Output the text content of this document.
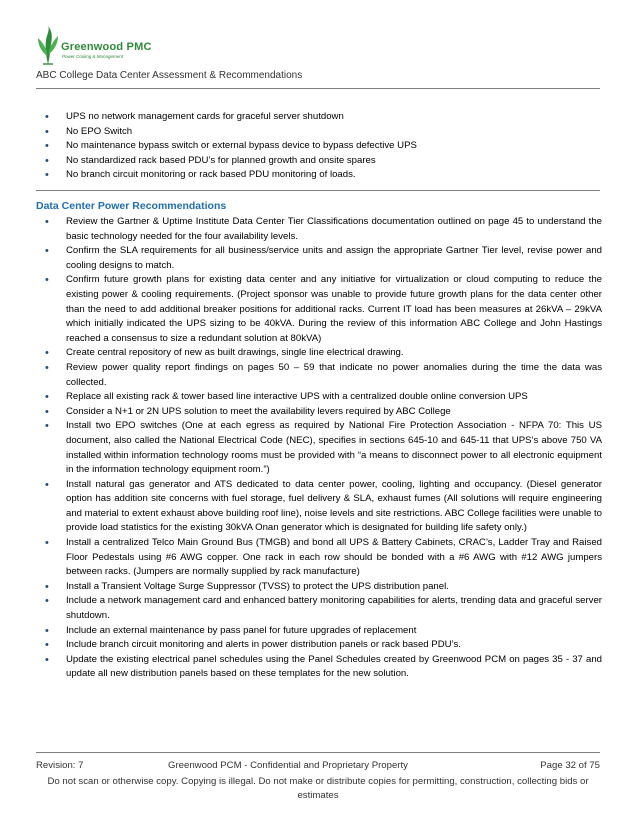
Greenwood PMC
Power Cooling & Management
ABC College Data Center Assessment & Recommendations
• UPS no network management cards for graceful server shutdown
• No EPO Switch
• No maintenance bypass switch or external bypass device to bypass defective UPS
• No standardized rack based PDU’s for planned growth and onsite spares
• No branch circuit monitoring or rack based PDU monitoring of loads.
Data Center Power Recommendations
• Review the Gartner & Uptime Institute Data Center Tier Classifications documentation outlined on page 45 to understand the basic technology needed for the four availability levels.
• Confirm the SLA requirements for all business/service units and assign the appropriate Gartner Tier level, revise power and cooling designs to match.
• Confirm future growth plans for existing data center and any initiative for virtualization or cloud computing to reduce the existing power & cooling requirements. (Project sponsor was unable to provide future growth plans for the data center other than the need to add additional breaker positions for additional racks. Current IT load has been measures at 26kVA – 29kVA which initially indicated the UPS sizing to be 40kVA. During the review of this information ABC College and John Hastings reached a consensus to size a redundant solution at 80kVA)
• Create central repository of new as built drawings, single line electrical drawing.
• Review power quality report findings on pages 50 – 59 that indicate no power anomalies during the time the data was collected.
• Replace all existing rack & tower based line interactive UPS with a centralized double online conversion UPS
• Consider a N+1 or 2N UPS solution to meet the availability levers required by ABC College
• Install two EPO switches (One at each egress as required by National Fire Protection Association - NFPA 70: This US document, also called the National Electrical Code (NEC), specifies in sections 645-10 and 645-11 that UPS’s above 750 VA installed within information technology rooms must be provided with “a means to disconnect power to all electronic equipment in the information technology equipment room.”)
• Install natural gas generator and ATS dedicated to data center power, cooling, lighting and occupancy. (Diesel generator option has addition site concerns with fuel storage, fuel delivery & SLA, exhaust fumes (All solutions will require engineering and material to extent exhaust above building roof line), noise levels and site restrictions. ABC College facilities were unable to provide load statistics for the existing 30kVA Onan generator which is designated for building life safety only.)
• Install a centralized Telco Main Ground Bus (TMGB) and bond all UPS & Battery Cabinets, CRAC’s, Ladder Tray and Raised Floor Pedestals using #6 AWG copper. One rack in each row should be bonded with a #6 AWG with #12 AWG jumpers between racks. (Jumpers are normally supplied by rack manufacture)
• Install a Transient Voltage Surge Suppressor (TVSS) to protect the UPS distribution panel.
• Include a network management card and enhanced battery monitoring capabilities for alerts, trending data and graceful server shutdown.
• Include an external maintenance by pass panel for future upgrades of replacement
• Include branch circuit monitoring and alerts in power distribution panels or rack based PDU’s.
• Update the existing electrical panel schedules using the Panel Schedules created by Greenwood PCM on pages 35 - 37 and update all new distribution panels based on these templates for the new solution.
Revision: 7	Greenwood PCM - Confidential and Proprietary Property	Page 32 of 75
Do not scan or otherwise copy. Copying is illegal. Do not make or distribute copies for permitting, construction, collecting bids or estimates
